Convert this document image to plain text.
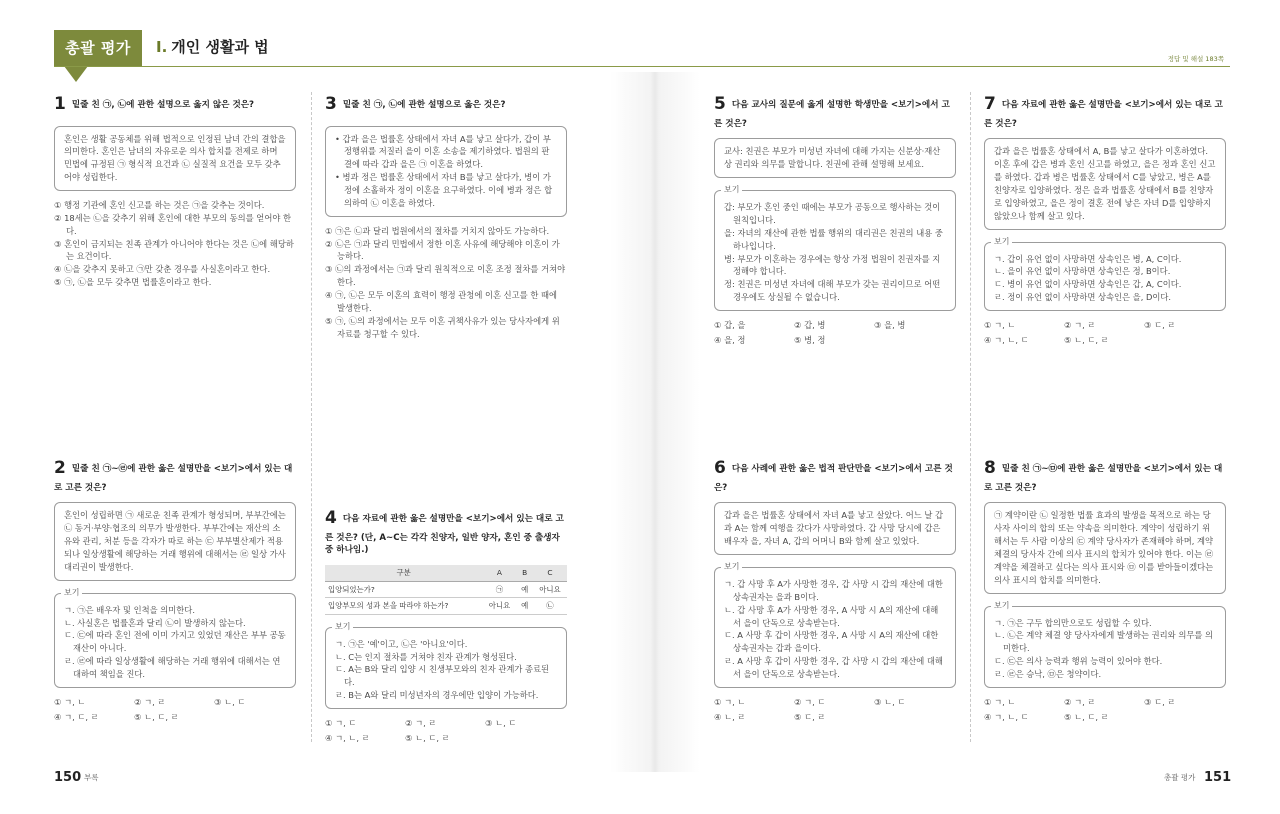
총괄 평가	I. 개인 생활과 법
정답 및 해설 183쪽
1 밑줄 친 ㉠, ㉡에 관한 설명으로 옳지 않은 것은?

혼인은 생활 공동체를 위해 법적으로 인정된 남녀 간의 결합을 의미한다. 혼인은 남녀의 자유로운 의사 합치를 전제로 하며 민법에 규정된 ㉠ 형식적 요건과 ㉡ 실질적 요건을 모두 갖추어야 성립한다.

① 행정 기관에 혼인 신고를 하는 것은 ㉠을 갖추는 것이다.
② 18세는 ㉡을 갖추기 위해 혼인에 대한 부모의 동의를 얻어야 한다.
③ 혼인이 금지되는 친족 관계가 아니어야 한다는 것은 ㉡에 해당하는 요건이다.
④ ㉡을 갖추지 못하고 ㉠만 갖춘 경우를 사실혼이라고 한다.
⑤ ㉠, ㉡을 모두 갖추면 법률혼이라고 한다.
2 밑줄 친 ㉠~㉣에 관한 옳은 설명만을 <보기>에서 있는 대로 고른 것은?

혼인이 성립하면 ㉠ 새로운 친족 관계가 형성되며, 부부간에는 ㉡ 동거·부양·협조의 의무가 발생한다. 부부간에는 재산의 소유와 관리, 처분 등을 각자가 따로 하는 ㉢ 부부별산제가 적용되나 일상생활에 해당하는 거래 행위에 대해서는 ㉣ 일상 가사 대리권이 발생한다.

보기
ㄱ. ㉠은 배우자 및 인척을 의미한다.
ㄴ. 사실혼은 법률혼과 달리 ㉡이 발생하지 않는다.
ㄷ. ㉢에 따라 혼인 전에 이미 가지고 있었던 재산은 부부 공동 재산이 아니다.
ㄹ. ㉣에 따라 일상생활에 해당하는 거래 행위에 대해서는 연대하여 책임을 진다.
① ㄱ, ㄴ	② ㄱ, ㄹ	③ ㄴ, ㄷ
④ ㄱ, ㄷ, ㄹ	⑤ ㄴ, ㄷ, ㄹ
3 밑줄 친 ㉠, ㉡에 관한 설명으로 옳은 것은?

• 갑과 을은 법률혼 상태에서 자녀 A를 낳고 살다가, 갑이 부정행위를 저질러 을이 이혼 소송을 제기하였다. 법원의 판결에 따라 갑과 을은 ㉠ 이혼을 하였다.

• 병과 정은 법률혼 상태에서 자녀 B를 낳고 살다가, 병이 가정에 소홀하자 정이 이혼을 요구하였다. 이에 병과 정은 합의하여 ㉡ 이혼을 하였다.

① ㉠은 ㉡과 달리 법원에서의 절차를 거치지 않아도 가능하다.
② ㉡은 ㉠과 달리 민법에서 정한 이혼 사유에 해당해야 이혼이 가능하다.
③ ㉡의 과정에서는 ㉠과 달리 원칙적으로 이혼 조정 절차를 거쳐야 한다.
④ ㉠, ㉡은 모두 이혼의 효력이 행정 관청에 이혼 신고를 한 때에 발생한다.
⑤ ㉠, ㉡의 과정에서는 모두 이혼 귀책사유가 있는 당사자에게 위자료를 청구할 수 있다.
4 다음 자료에 관한 옳은 설명만을 <보기>에서 있는 대로 고른 것은? (단, A~C는 각각 친양자, 일반 양자, 혼인 중 출생자 중 하나임.)
구분	A	B	C
입양되었는가?	㉠	예	아니요
입양부모의 성과 본을 따라야 하는가?	아니요	예	㉡
보기
ㄱ. ㉠은 '예'이고, ㉡은 '아니요'이다.
ㄴ. C는 인지 절차를 거쳐야 친자 관계가 형성된다.
ㄷ. A는 B와 달리 입양 시 친생부모와의 친자 관계가 종료된다.
ㄹ. B는 A와 달리 미성년자의 경우에만 입양이 가능하다.
① ㄱ, ㄷ	② ㄱ, ㄹ	③ ㄴ, ㄷ
④ ㄱ, ㄴ, ㄹ	⑤ ㄴ, ㄷ, ㄹ
5 다음 교사의 질문에 옳게 설명한 학생만을 <보기>에서 고른 것은?

교사: 친권은 부모가 미성년 자녀에 대해 가지는 신분상·재산상 권리와 의무를 말합니다. 친권에 관해 설명해 보세요.

보기
갑: 부모가 혼인 중인 때에는 부모가 공동으로 행사하는 것이 원칙입니다.
을: 자녀의 재산에 관한 법률 행위의 대리권은 친권의 내용 중 하나입니다.
병: 부모가 이혼하는 경우에는 항상 가정 법원이 친권자를 지정해야 합니다.
정: 친권은 미성년 자녀에 대해 부모가 갖는 권리이므로 어떤 경우에도 상실될 수 없습니다.
① 갑, 을	② 갑, 병	③ 을, 병
④ 을, 정	⑤ 병, 정
6 다음 사례에 관한 옳은 법적 판단만을 <보기>에서 고른 것은?

갑과 을은 법률혼 상태에서 자녀 A를 낳고 살았다. 어느 날 갑과 A는 함께 여행을 갔다가 사망하였다. 갑 사망 당시에 갑은 배우자 을, 자녀 A, 갑의 어머니 B와 함께 살고 있었다.

보기
ㄱ. 갑 사망 후 A가 사망한 경우, 갑 사망 시 갑의 재산에 대한 상속권자는 을과 B이다.
ㄴ. 갑 사망 후 A가 사망한 경우, A 사망 시 A의 재산에 대해서 을이 단독으로 상속받는다.
ㄷ. A 사망 후 갑이 사망한 경우, A 사망 시 A의 재산에 대한 상속권자는 갑과 을이다.
ㄹ. A 사망 후 갑이 사망한 경우, 갑 사망 시 갑의 재산에 대해서 을이 단독으로 상속받는다.
① ㄱ, ㄴ	② ㄱ, ㄷ	③ ㄴ, ㄷ
④ ㄴ, ㄹ	⑤ ㄷ, ㄹ
7 다음 자료에 관한 옳은 설명만을 <보기>에서 있는 대로 고른 것은?

갑과 을은 법률혼 상태에서 A, B를 낳고 살다가 이혼하였다. 이혼 후에 갑은 병과 혼인 신고를 하였고, 을은 정과 혼인 신고를 하였다. 갑과 병은 법률혼 상태에서 C를 낳았고, 병은 A를 친양자로 입양하였다. 정은 을과 법률혼 상태에서 B를 친양자로 입양하였고, 을은 정이 결혼 전에 낳은 자녀 D를 입양하지 않았으나 함께 살고 있다.

보기
ㄱ. 갑이 유언 없이 사망하면 상속인은 병, A, C이다.
ㄴ. 을이 유언 없이 사망하면 상속인은 정, B이다.
ㄷ. 병이 유언 없이 사망하면 상속인은 갑, A, C이다.
ㄹ. 정이 유언 없이 사망하면 상속인은 을, D이다.
① ㄱ, ㄴ	② ㄱ, ㄹ	③ ㄷ, ㄹ
④ ㄱ, ㄴ, ㄷ	⑤ ㄴ, ㄷ, ㄹ
8 밑줄 친 ㉠~㉤에 관한 옳은 설명만을 <보기>에서 있는 대로 고른 것은?

㉠ 계약이란 ㉡ 일정한 법률 효과의 발생을 목적으로 하는 당사자 사이의 합의 또는 약속을 의미한다. 계약이 성립하기 위해서는 두 사람 이상의 ㉢ 계약 당사자가 존재해야 하며, 계약 체결의 당사자 간에 의사 표시의 합치가 있어야 한다. 이는 ㉣ 계약을 체결하고 싶다는 의사 표시와 ㉤ 이를 받아들이겠다는 의사 표시의 합치를 의미한다.

보기
ㄱ. ㉠은 구두 합의만으로도 성립할 수 있다.
ㄴ. ㉡은 계약 체결 양 당사자에게 발생하는 권리와 의무를 의미한다.
ㄷ. ㉢은 의사 능력과 행위 능력이 있어야 한다.
ㄹ. ㉣은 승낙, ㉤은 청약이다.
① ㄱ, ㄴ	② ㄱ, ㄹ	③ ㄷ, ㄹ
④ ㄱ, ㄴ, ㄷ	⑤ ㄴ, ㄷ, ㄹ
150 부록	총괄 평가 151
